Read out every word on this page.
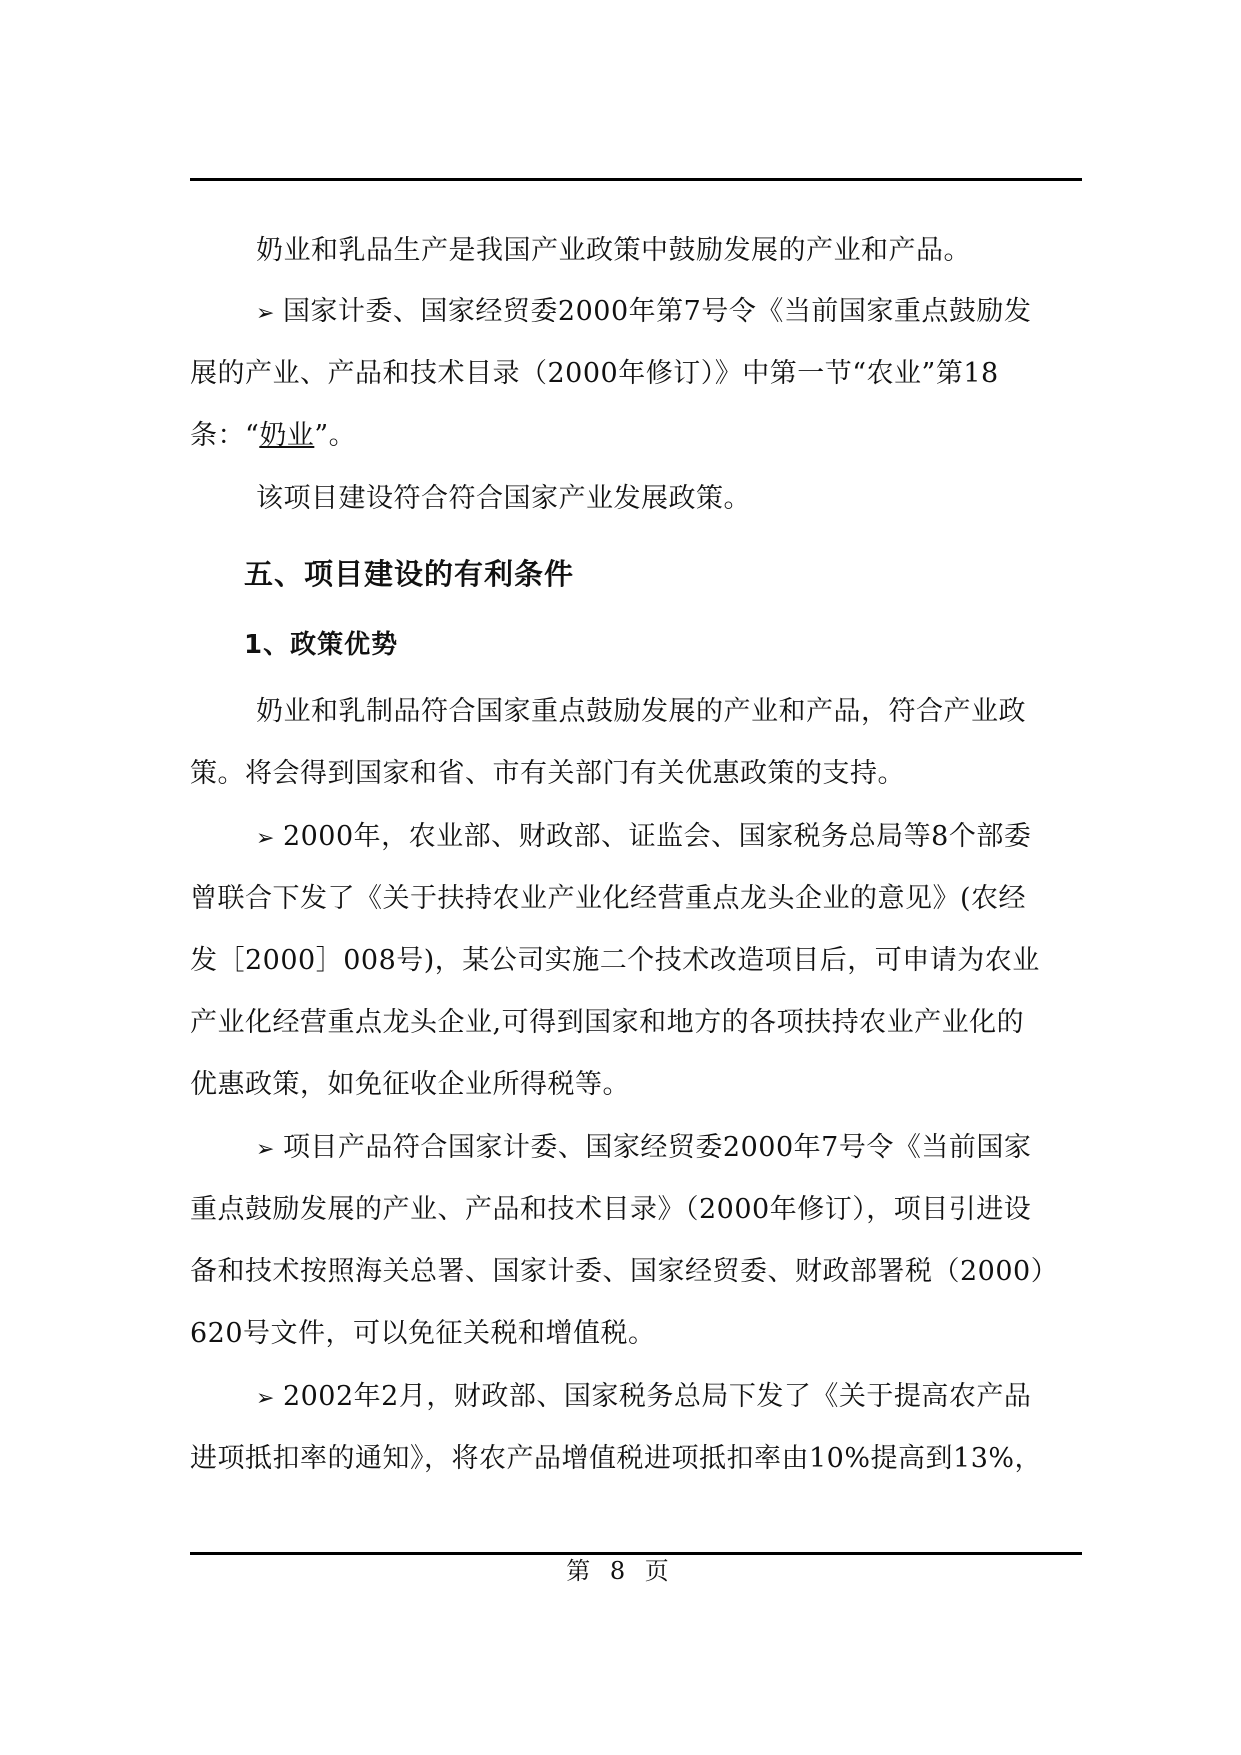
奶业和乳品生产是我国产业政策中鼓励发展的产业和产品。
➢ 国家计委、国家经贸委2000年第7号令《当前国家重点鼓励发
展的产业、产品和技术目录（2000年修订）》中第一节“农业”第18
条：“奶业”。
该项目建设符合符合国家产业发展政策。
五、项目建设的有利条件
1、政策优势
奶业和乳制品符合国家重点鼓励发展的产业和产品，符合产业政
策。将会得到国家和省、市有关部门有关优惠政策的支持。
➢ 2000年，农业部、财政部、证监会、国家税务总局等8个部委
曾联合下发了《关于扶持农业产业化经营重点龙头企业的意见》(农经
发［2000］008号)，某公司实施二个技术改造项目后，可申请为农业
产业化经营重点龙头企业,可得到国家和地方的各项扶持农业产业化的
优惠政策，如免征收企业所得税等。
➢ 项目产品符合国家计委、国家经贸委2000年7号令《当前国家
重点鼓励发展的产业、产品和技术目录》（2000年修订），项目引进设
备和技术按照海关总署、国家计委、国家经贸委、财政部署税（2000）
620号文件，可以免征关税和增值税。
➢ 2002年2月，财政部、国家税务总局下发了《关于提高农产品
进项抵扣率的通知》，将农产品增值税进项抵扣率由10%提高到13%，
第 8 页
